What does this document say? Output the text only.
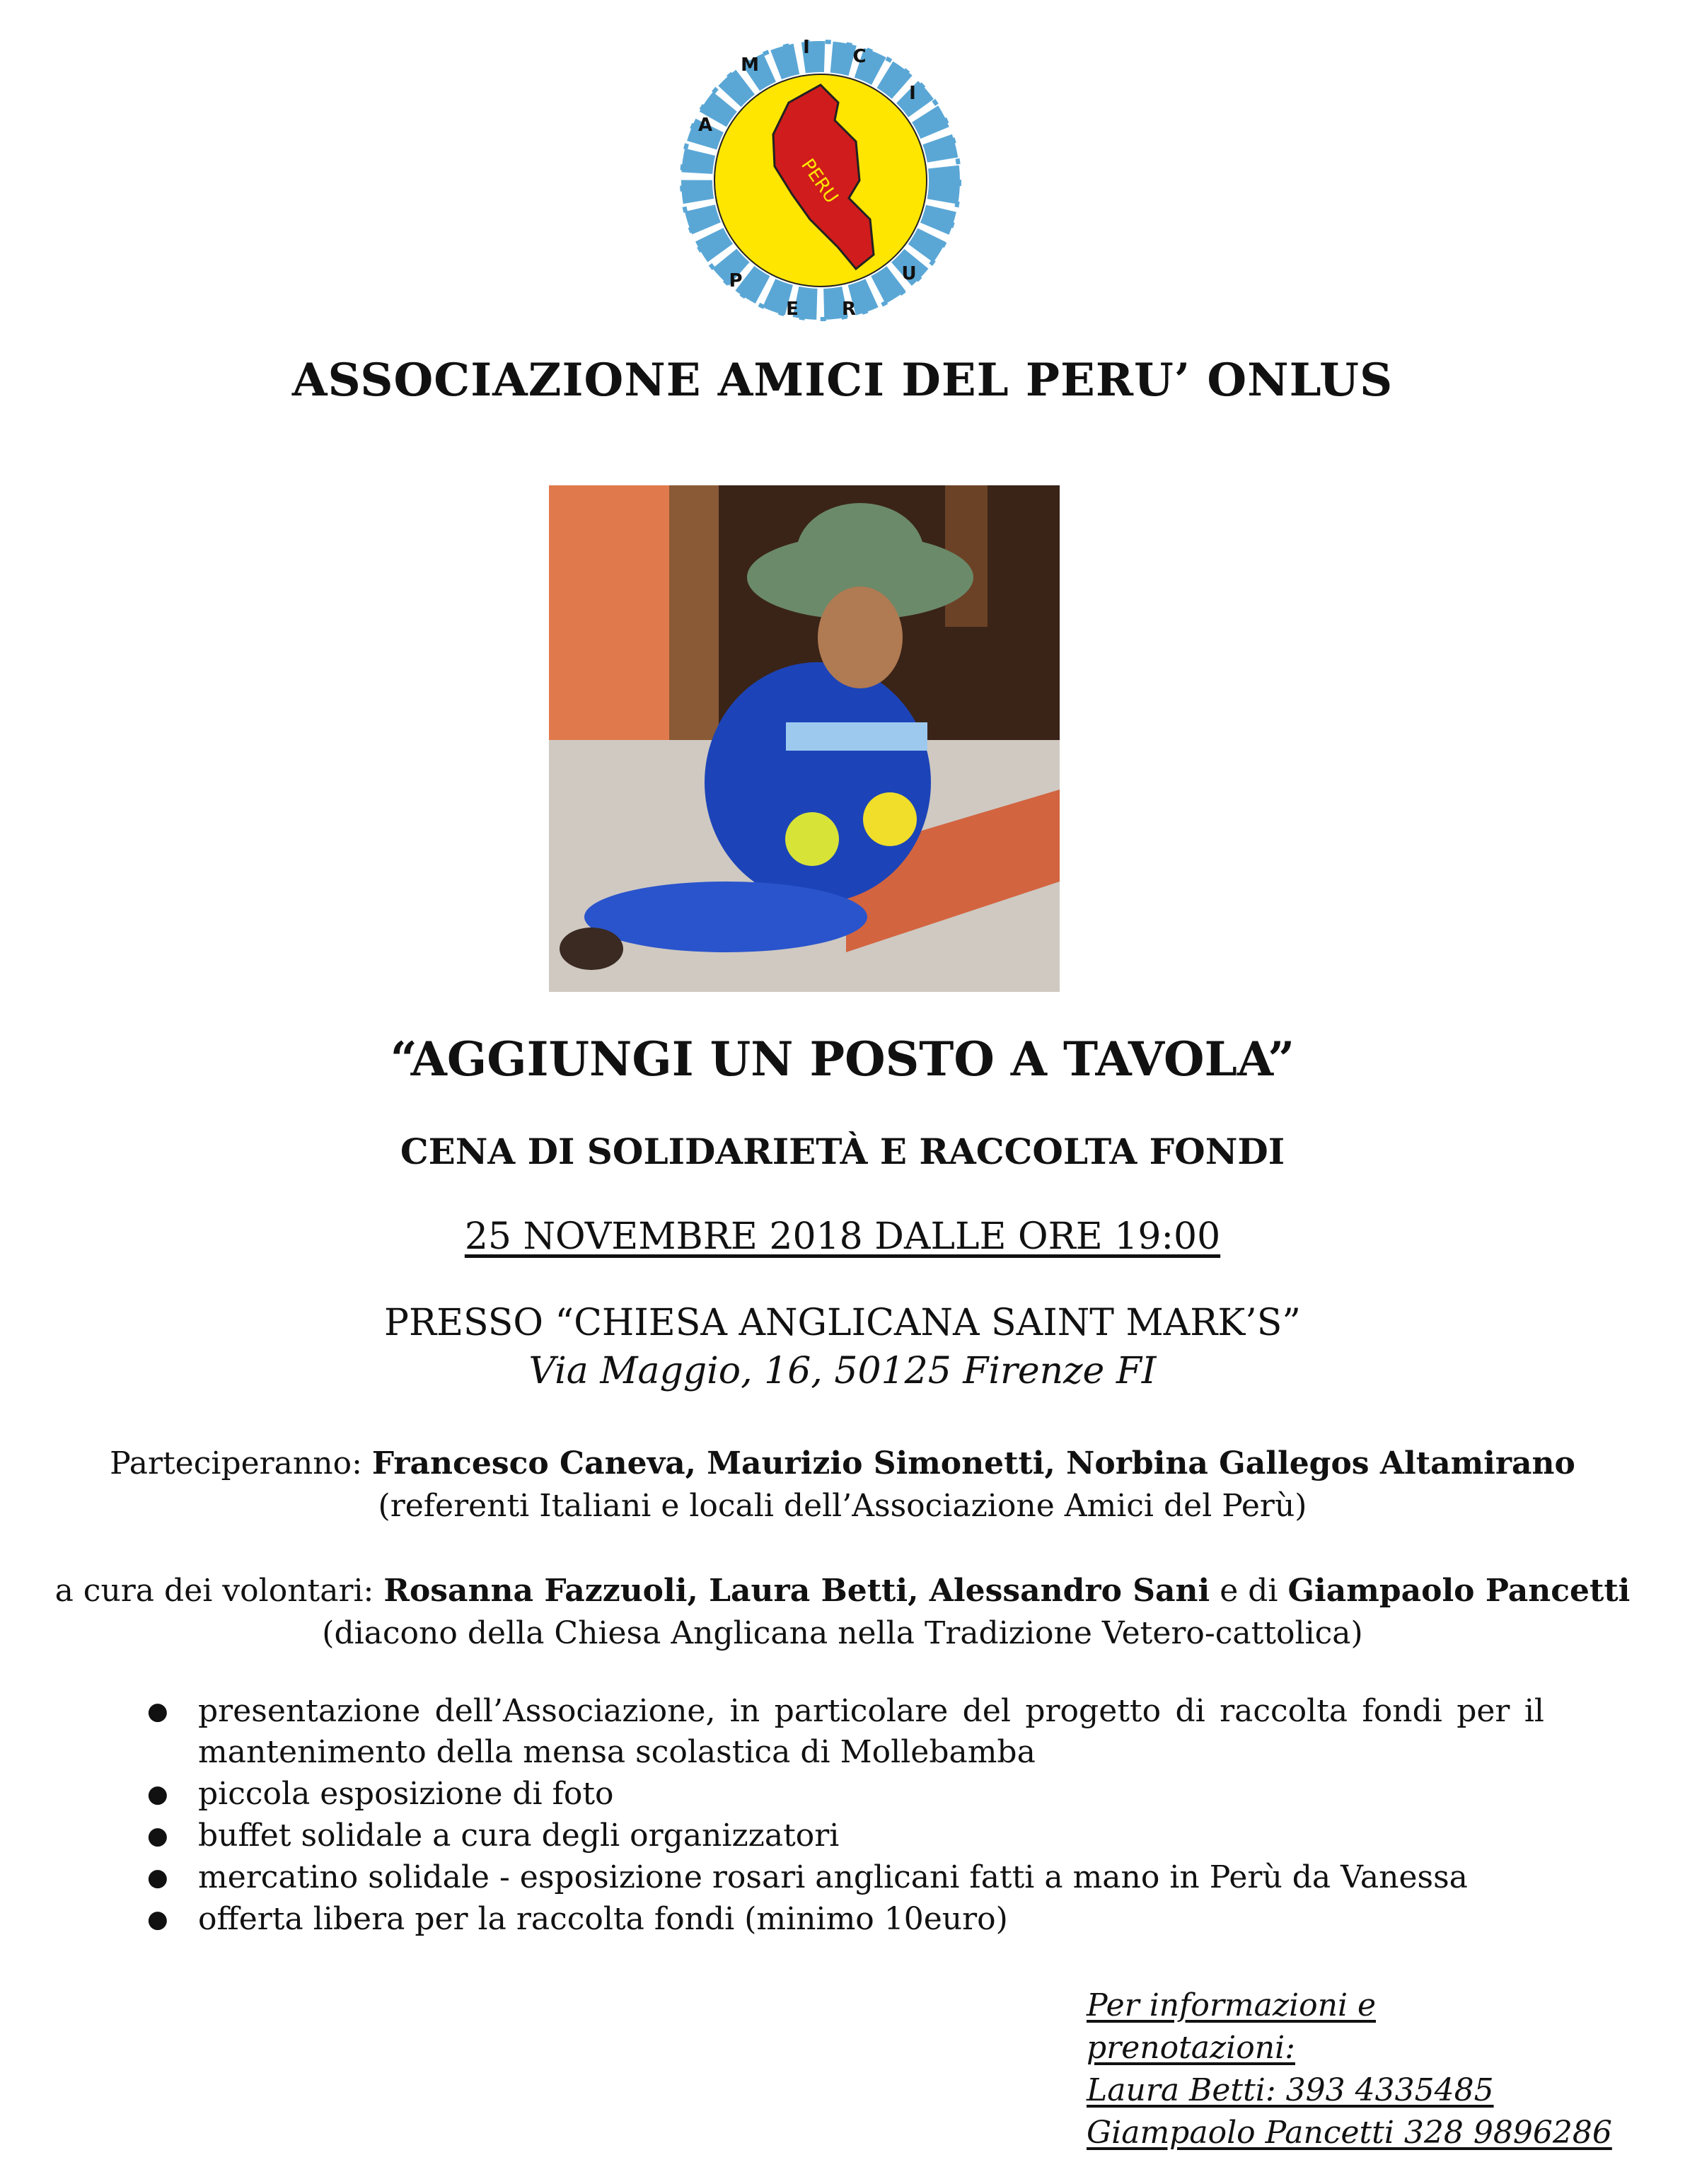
PERU
A
M
I C
I
P
E R
U
ASSOCIAZIONE AMICI DEL PERU’ ONLUS
“AGGIUNGI UN POSTO A TAVOLA”
CENA DI SOLIDARIETÀ E RACCOLTA FONDI
25 NOVEMBRE 2018 DALLE ORE 19:00
PRESSO “CHIESA ANGLICANA SAINT MARK’S”
Via Maggio, 16, 50125 Firenze FI
Parteciperanno: Francesco Caneva, Maurizio Simonetti, Norbina Gallegos Altamirano
(referenti Italiani e locali dell’Associazione Amici del Perù)
a cura dei volontari: Rosanna Fazzuoli, Laura Betti, Alessandro Sani e di Giampaolo Pancetti
(diacono della Chiesa Anglicana nella Tradizione Vetero-cattolica)
● presentazione dell’Associazione, in particolare del progetto di raccolta fondi per il mantenimento della mensa scolastica di Mollebamba
● piccola esposizione di foto
● buffet solidale a cura degli organizzatori
● mercatino solidale - esposizione rosari anglicani fatti a mano in Perù da Vanessa
● offerta libera per la raccolta fondi (minimo 10euro)
Per informazioni e
prenotazioni:
Laura Betti: 393 4335485
Giampaolo Pancetti 328 9896286
